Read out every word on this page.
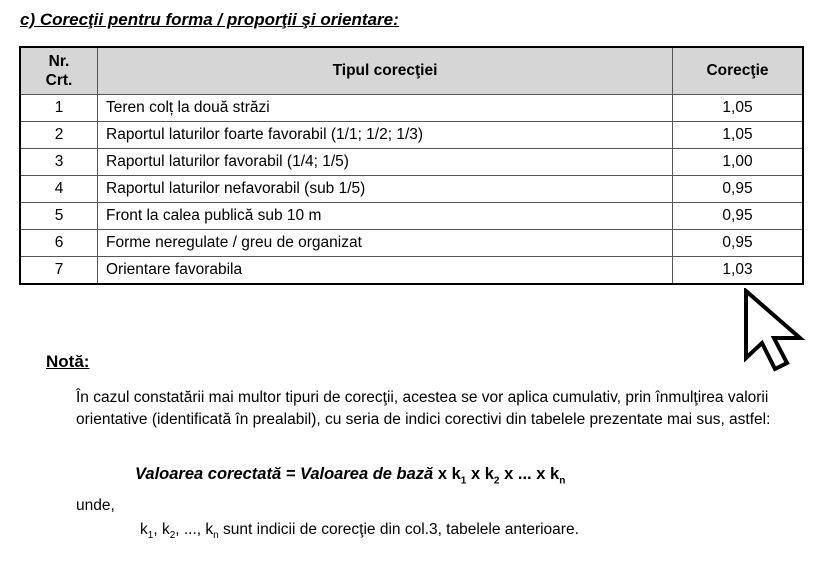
c) Corecţii pentru forma / proporţii şi orientare:
Nr.
Crt.	Tipul corecţiei	Corecţie
1	Teren colț la două străzi	1,05
2	Raportul laturilor foarte favorabil (1/1; 1/2; 1/3)	1,05
3	Raportul laturilor favorabil (1/4; 1/5)	1,00
4	Raportul laturilor nefavorabil (sub 1/5)	0,95
5	Front la calea publică sub 10 m	0,95
6	Forme neregulate / greu de organizat	0,95
7	Orientare favorabila	1,03
Notă:
În cazul constatării mai multor tipuri de corecţii, acestea se vor aplica cumulativ, prin înmulţirea valorii orientative (identificată în prealabil), cu seria de indici corectivi din tabelele prezentate mai sus, astfel:
Valoarea corectată = Valoarea de bază x $k_1$ x $k_2$ x ... x $k_n$
unde,
$k_1$, $k_2$, ..., $k_n$ sunt indicii de corecţie din col.3, tabelele anterioare.
